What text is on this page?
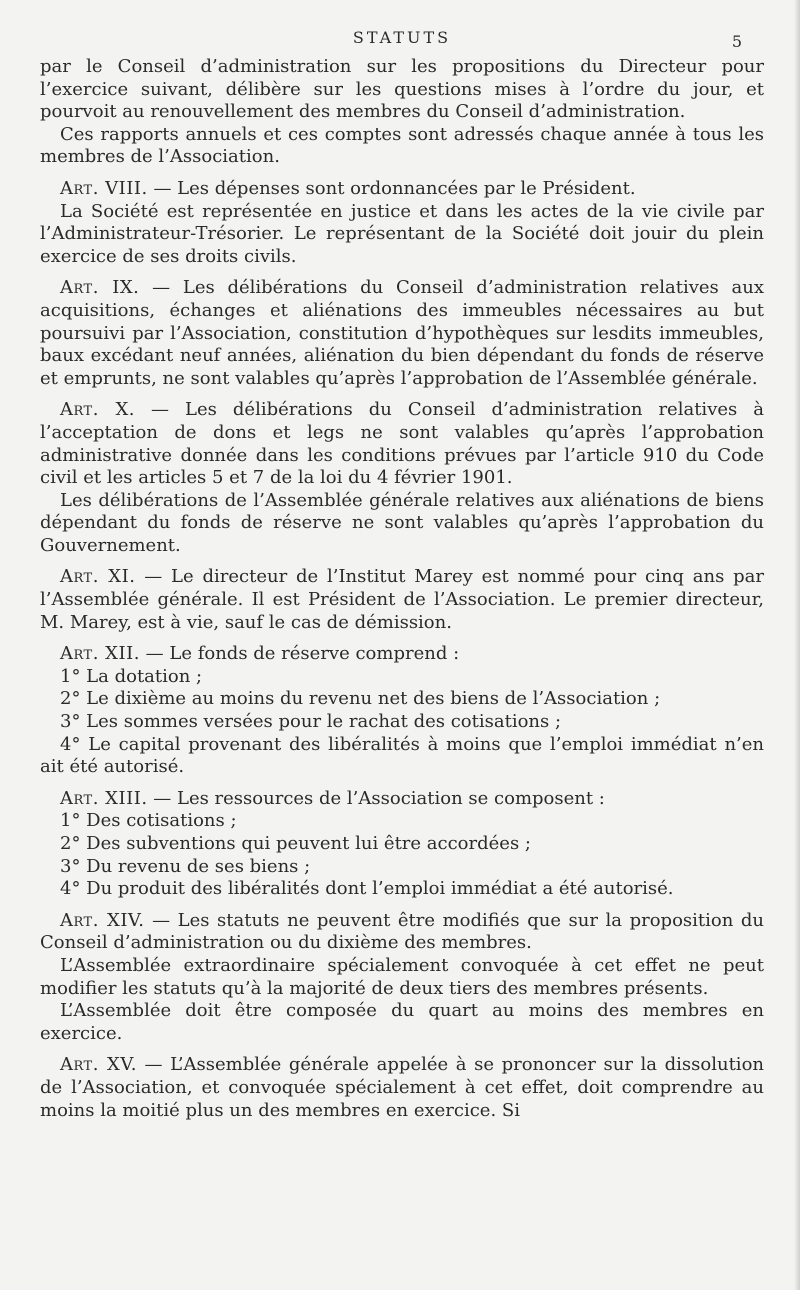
STATUTS	5

par le Conseil d’administration sur les propositions du Directeur pour l’exercice suivant, délibère sur les questions mises à l’ordre du jour, et pourvoit au renouvellement des membres du Conseil d’administration.

Ces rapports annuels et ces comptes sont adressés chaque année à tous les membres de l’Association.

Art. VIII. — Les dépenses sont ordonnancées par le Président.

La Société est représentée en justice et dans les actes de la vie civile par l’Administrateur-Trésorier. Le représentant de la Société doit jouir du plein exercice de ses droits civils.

Art. IX. — Les délibérations du Conseil d’administration relatives aux acquisitions, échanges et aliénations des immeubles nécessaires au but poursuivi par l’Association, constitution d’hypothèques sur lesdits immeubles, baux excédant neuf années, aliénation du bien dépendant du fonds de réserve et emprunts, ne sont valables qu’après l’approbation de l’Assemblée générale.

Art. X. — Les délibérations du Conseil d’administration relatives à l’acceptation de dons et legs ne sont valables qu’après l’approbation administrative donnée dans les conditions prévues par l’article 910 du Code civil et les articles 5 et 7 de la loi du 4 février 1901.

Les délibérations de l’Assemblée générale relatives aux aliénations de biens dépendant du fonds de réserve ne sont valables qu’après l’approbation du Gouvernement.

Art. XI. — Le directeur de l’Institut Marey est nommé pour cinq ans par l’Assemblée générale. Il est Président de l’Association. Le premier directeur, M. Marey, est à vie, sauf le cas de démission.

Art. XII. — Le fonds de réserve comprend :

1° La dotation ;

2° Le dixième au moins du revenu net des biens de l’Association ;

3° Les sommes versées pour le rachat des cotisations ;

4° Le capital provenant des libéralités à moins que l’emploi immédiat n’en ait été autorisé.

Art. XIII. — Les ressources de l’Association se composent :

1° Des cotisations ;

2° Des subventions qui peuvent lui être accordées ;

3° Du revenu de ses biens ;

4° Du produit des libéralités dont l’emploi immédiat a été autorisé.

Art. XIV. — Les statuts ne peuvent être modifiés que sur la proposition du Conseil d’administration ou du dixième des membres.

L’Assemblée extraordinaire spécialement convoquée à cet effet ne peut modifier les statuts qu’à la majorité de deux tiers des membres présents.

L’Assemblée doit être composée du quart au moins des membres en exercice.

Art. XV. — L’Assemblée générale appelée à se prononcer sur la dissolution de l’Association, et convoquée spécialement à cet effet, doit comprendre au moins la moitié plus un des membres en exercice. Si
